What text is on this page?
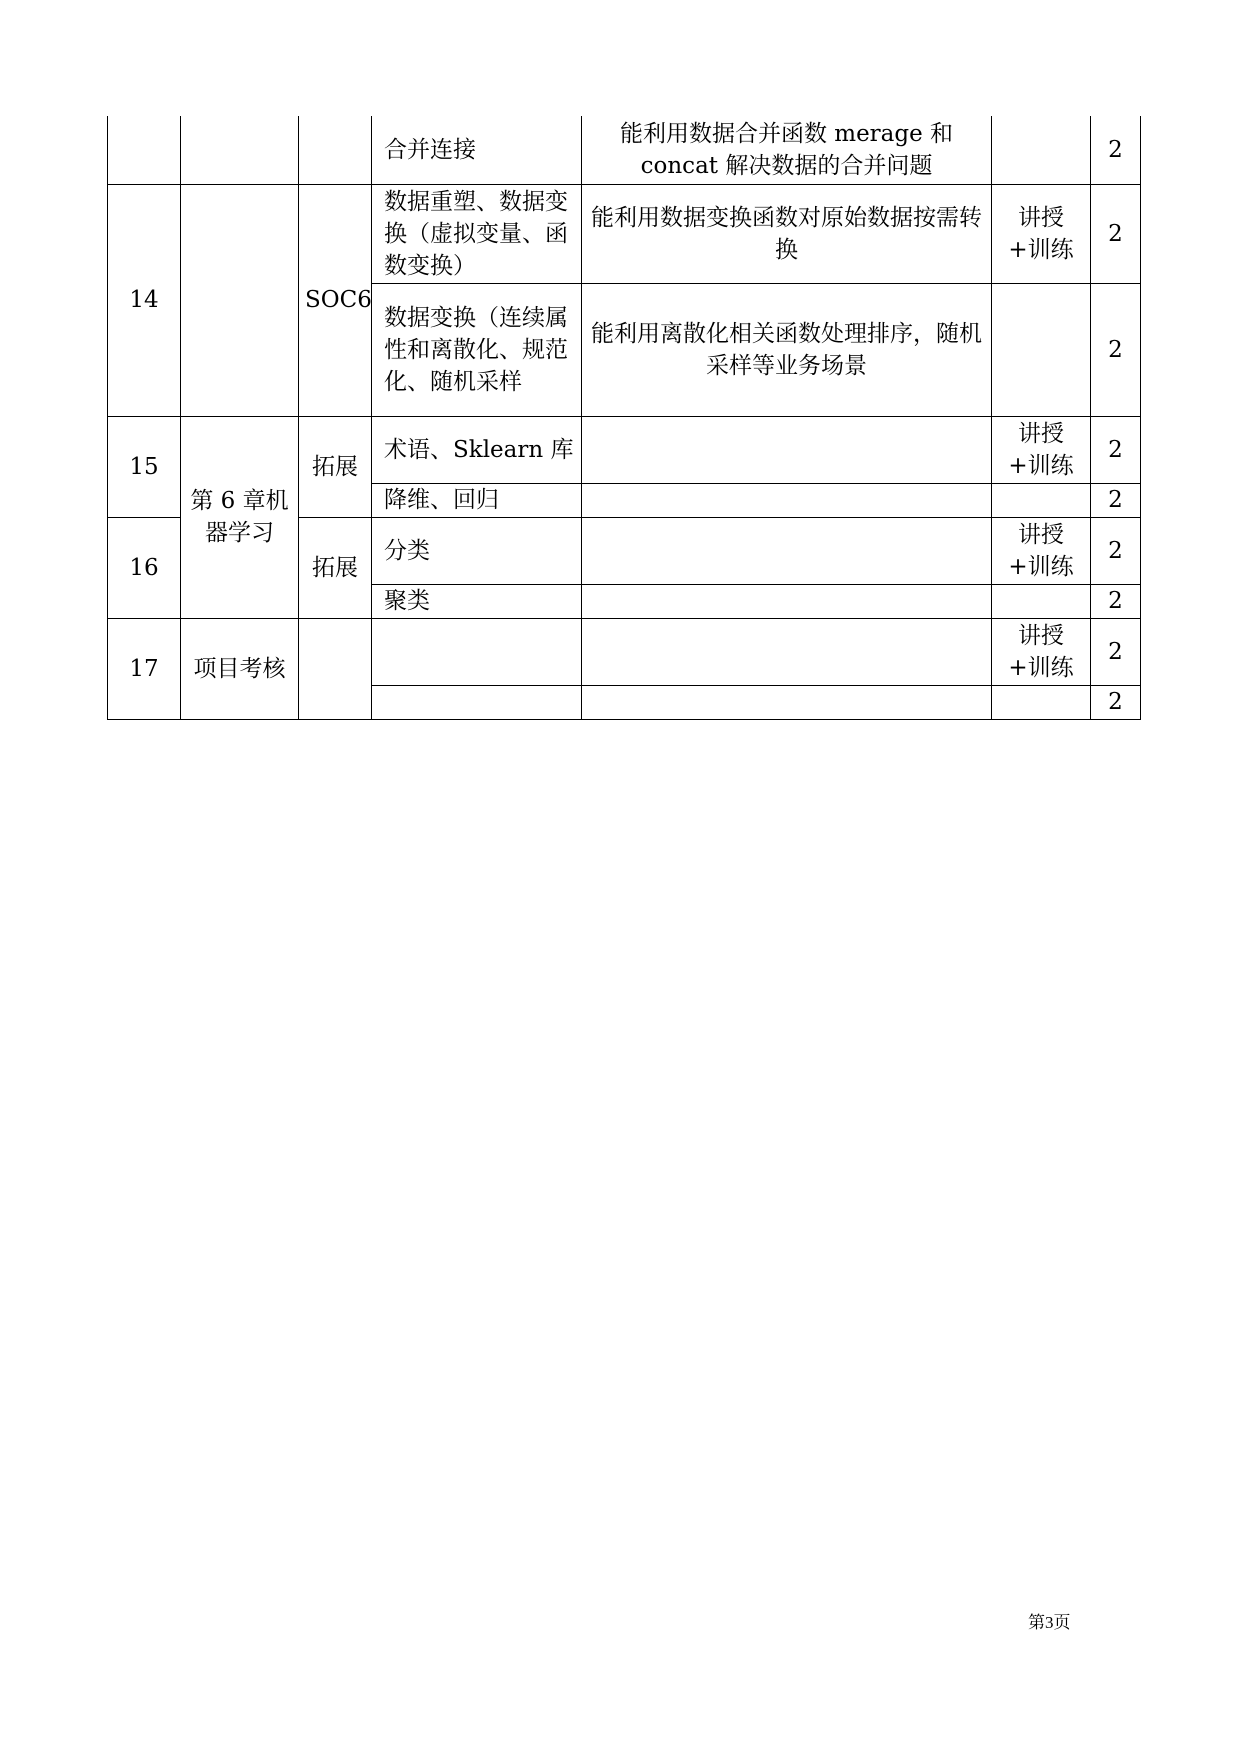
			合并连接	能利用数据合并函数 merage 和 concat 解决数据的合并问题		2
14		SOC6	数据重塑、数据变换（虚拟变量、函数变换）	能利用数据变换函数对原始数据按需转换	讲授+训练	2
			数据变换（连续属性和离散化、规范化、随机采样	能利用离散化相关函数处理排序，随机采样等业务场景		2
15	第 6 章机器学习	拓展	术语、Sklearn 库		讲授+训练	2
			降维、回归			2
16		拓展	分类		讲授+训练	2
			聚类			2
17	项目考核				讲授+训练	2
						2
第3页
